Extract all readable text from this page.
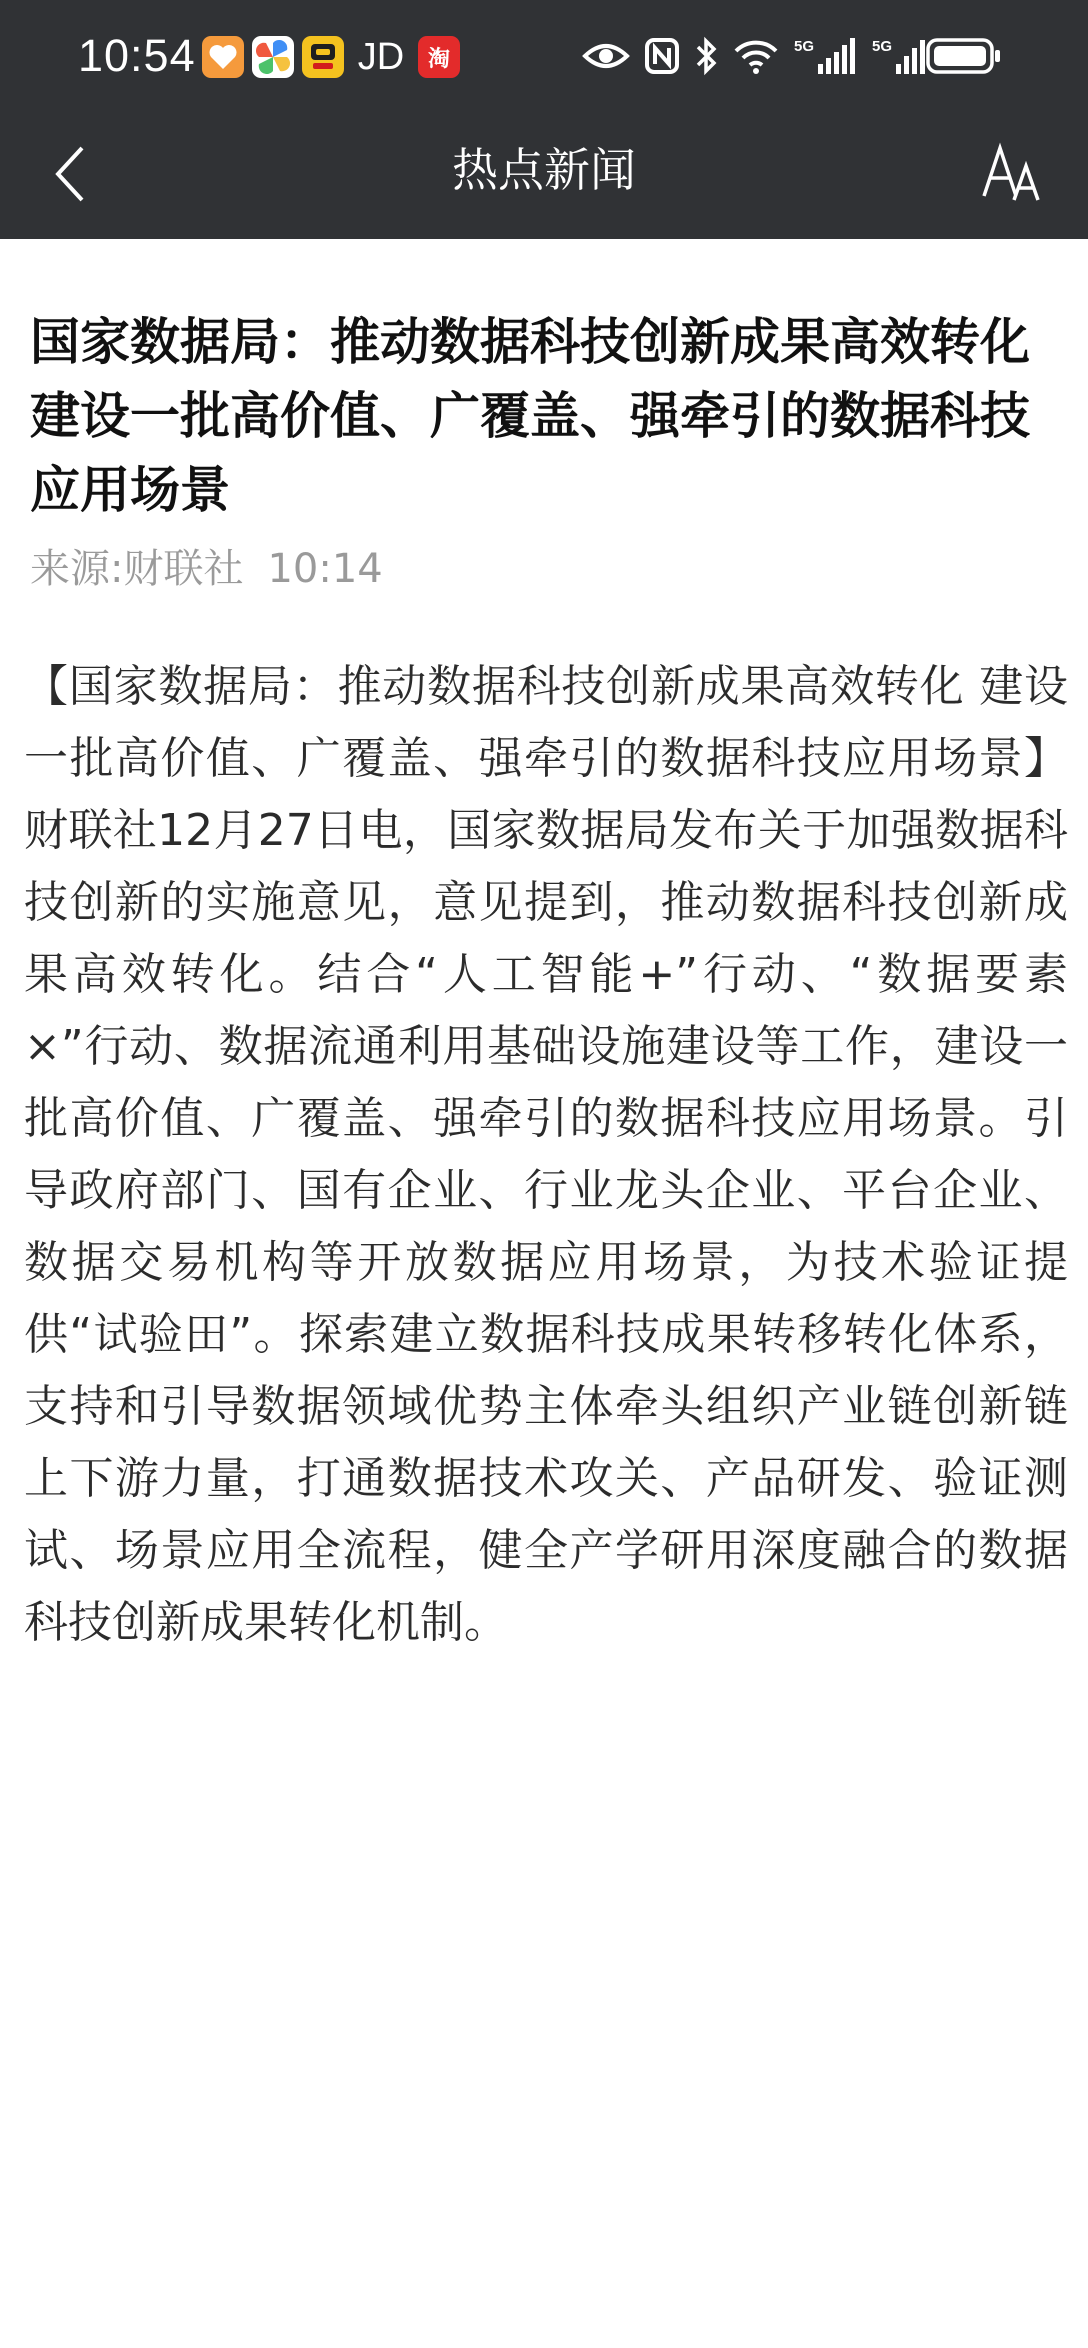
10:54	JD	淘	5G	5G
热点新闻
国家数据局：推动数据科技创新成果高效转化 建设一批高价值、广覆盖、强牵引的数据科技应用场景
来源:财联社 10:14

【国家数据局：推动数据科技创新成果高效转化 建设一批高价值、广覆盖、强牵引的数据科技应用场景】财联社12月27日电，国家数据局发布关于加强数据科技创新的实施意见，意见提到，推动数据科技创新成果高效转化。结合“人工智能+”行动、“数据要素×”行动、数据流通利用基础设施建设等工作，建设一批高价值、广覆盖、强牵引的数据科技应用场景。引导政府部门、国有企业、行业龙头企业、平台企业、数据交易机构等开放数据应用场景，为技术验证提供“试验田”。探索建立数据科技成果转移转化体系，支持和引导数据领域优势主体牵头组织产业链创新链上下游力量，打通数据技术攻关、产品研发、验证测试、场景应用全流程，健全产学研用深度融合的数据科技创新成果转化机制。
